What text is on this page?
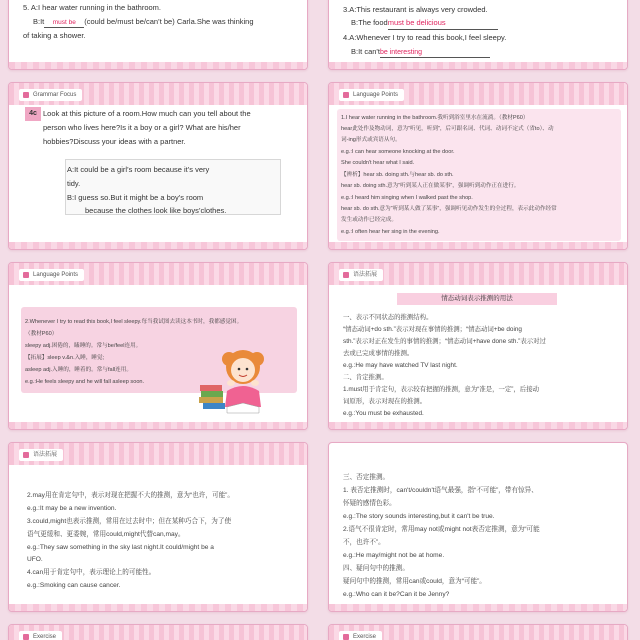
5. A:I hear water running in the bathroom.
B:It must be (could be/must be/can’t be) Carla.She was thinking
of taking a shower.
3.A:This restaurant is always very crowded.
B:The foodmust be delicious
4.A:Whenever I try to read this book,I feel sleepy.
B:It can'tbe interesting
Grammar Focus
4c Look at this picture of a room.How much can you tell about the
person who lives here?Is it a boy or a girl? What are his/her
hobbies?Discuss your ideas with a partner.
A:It could be a girl’s room because it’s very
tidy.
B:I guess so.But it might be a boy’s room
because the clothes look like boys’clothes.
Language Points
1.I hear water running in the bathroom.我听到浴室里水在流淌。（教材P60）
hear此处作及物动词，意为“听见，听到”，后可跟名词、代词、动词不定式（省to）、动
词-ing形式或宾语从句。
e.g.:I can hear someone knocking at the door.
She couldn't hear what I said.
【辨析】hear sb. doing sth.与hear sb. do sth.
hear sb. doing sth.意为“听到某人正在做某事”，强调听到动作正在进行。
e.g.:I heard him singing when I walked past the shop.
hear sb. do sth.意为“听到某人做了某事”，强调听见动作发生的全过程，表示此动作经常
发生或动作已经完成。
e.g.:I often hear her sing in the evening.
Language Points
2.Whenever I try to read this book,I feel sleepy.每当我试图去读这本书时，我都感觉困。
（教材P60）
sleepy adj.困倦的，瞌睡的。常与be/feel连用。
【拓展】sleep v.&n.入睡，睡觉;
asleep adj.入睡的，睡着的。常与fall连用。
e.g.:He feels sleepy and he will fall asleep soon.
语法拓展
情态动词表示推测的用法
一、表示不同状态的推测结构。
“情态动词+do sth.”表示对现在事情的推测；“情态动词+be doing
sth.”表示对正在发生的事情的推测；“情态动词+have done sth.”表示对过
去或已完成事情的推测。
e.g.:He may have watched TV last night.
二、肯定推测。
1.must用于肯定句，表示较有把握的推测，意为“准是，一定”，后接动
词原形，表示对现在的推测。
e.g.:You must be exhausted.
语法拓展
2.may用在肯定句中，表示对现在把握不大的推测，意为“也许，可能”。
e.g.:It may be a new invention.
3.could,might也表示推测，常用在过去时中；但在某种巧合下，为了使
语气更缓和、更委婉，常用could,might代替can,may。
e.g.:They saw something in the sky last night.It could/might be a
UFO.
4.can用于肯定句中，表示理论上的可能性。
e.g.:Smoking can cause cancer.
三、否定推测。
1. 表否定推测时，can't/couldn't语气最强，指“不可能”，带有惊异、
怀疑的感情色彩。
e.g.:The story sounds interesting,but it can't be true.
2.语气不很肯定时，常用may not或might not表否定推测，意为“可能
不，也许不”。
e.g.:He may/might not be at home.
四、疑问句中的推测。
疑问句中的推测，常用can或could，意为“可能”。
e.g.:Who can it be?Can it be Jenny?
Exercise	Exercise
